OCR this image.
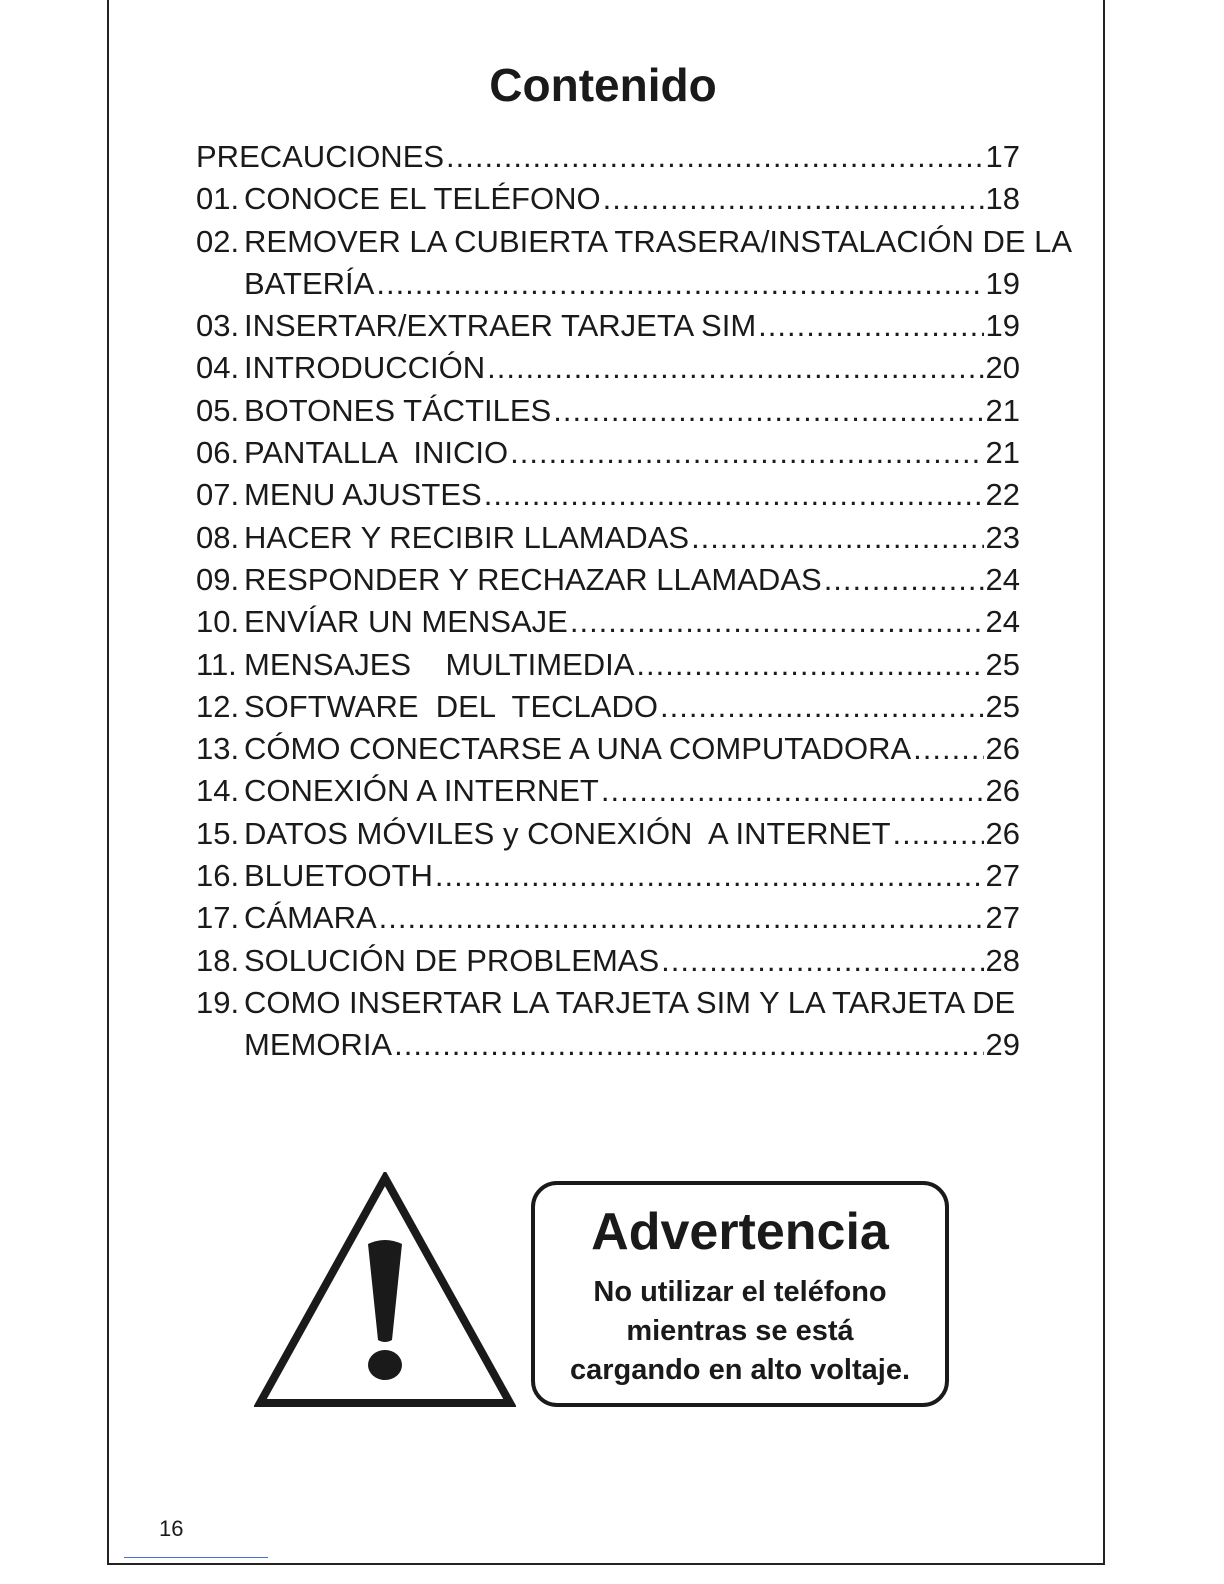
Contenido
PRECAUCIONES .....	17
01. CONOCE EL TELÉFONO .....	18
02. REMOVER LA CUBIERTA TRASERA/INSTALACIÓN DE LA
BATERÍA .....	19
03. INSERTAR/EXTRAER TARJETA SIM .....	19
04. INTRODUCCIÓN .....	20
05. BOTONES TÁCTILES .....	21
06. PANTALLA  INICIO .....	21
07. MENU AJUSTES .....	22
08. HACER Y RECIBIR LLAMADAS .....	23
09. RESPONDER Y RECHAZAR LLAMADAS .....	24
10. ENVÍAR UN MENSAJE .....	24
11. MENSAJES    MULTIMEDIA .....	25
12. SOFTWARE  DEL  TECLADO .....	25
13. CÓMO CONECTARSE A UNA COMPUTADORA ..... 26
14. CONEXIÓN A INTERNET .....	26
15. DATOS MÓVILES y CONEXIÓN  A INTERNET .....	26
16. BLUETOOTH .....	27
17. CÁMARA .....	27
18. SOLUCIÓN DE PROBLEMAS .....	28
19. COMO INSERTAR LA TARJETA SIM Y LA TARJETA DE
MEMORIA .....	29
Advertencia
No utilizar el teléfono
mientras se está
cargando en alto voltaje.
16
